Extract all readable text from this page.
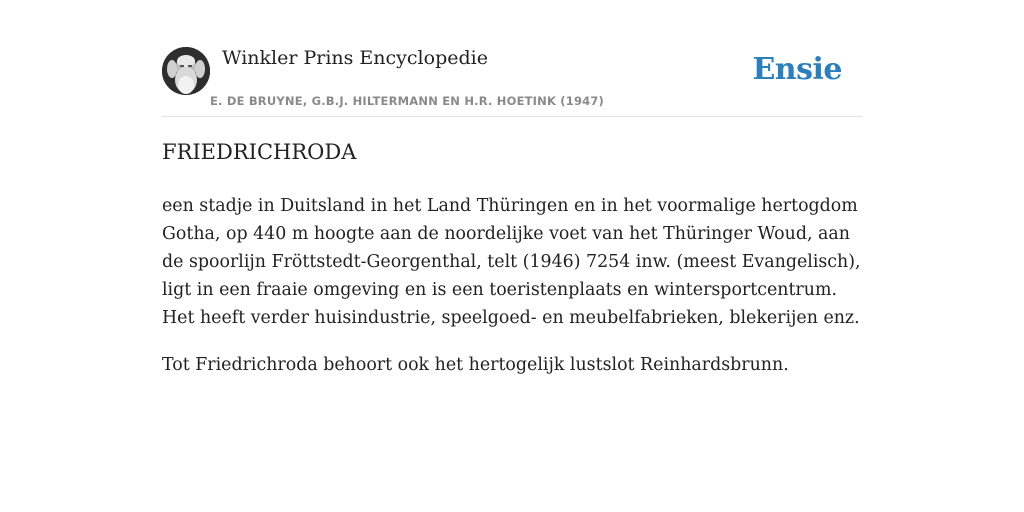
Winkler Prins Encyclopedie
E. DE BRUYNE, G.B.J. HILTERMANN EN H.R. HOETINK (1947)
Ensie
FRIEDRICHRODA

een stadje in Duitsland in het Land Thüringen en in het voormalige hertogdom Gotha, op 440 m hoogte aan de noordelijke voet van het Thüringer Woud, aan de spoorlijn Fröttstedt-Georgenthal, telt (1946) 7254 inw. (meest Evangelisch), ligt in een fraaie omgeving en is een toeristenplaats en wintersportcentrum. Het heeft verder huisindustrie, speelgoed- en meubelfabrieken, blekerijen enz.

Tot Friedrichroda behoort ook het hertogelijk lustslot Reinhardsbrunn.
